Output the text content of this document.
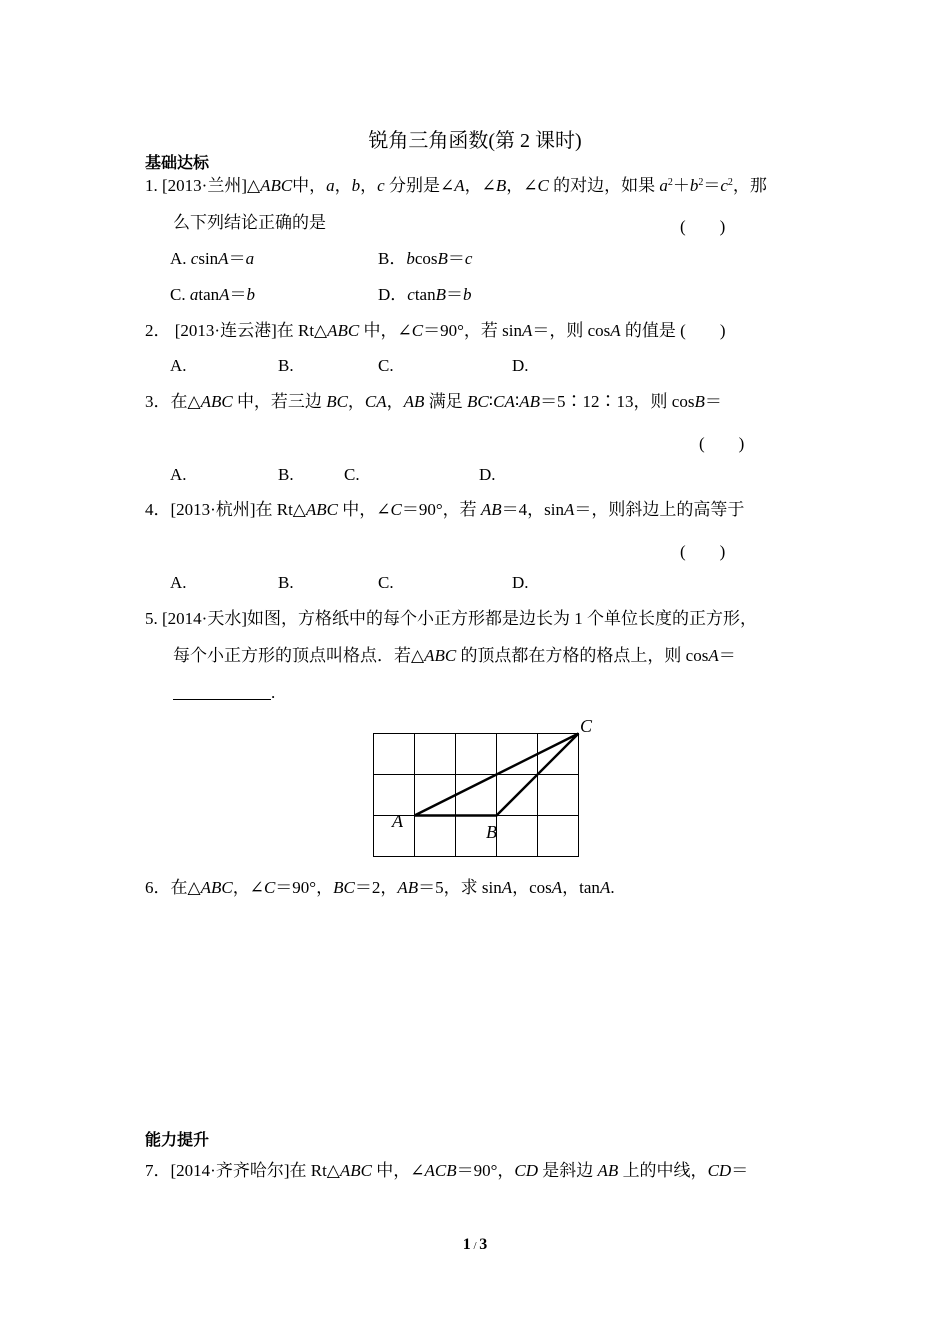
锐角三角函数(第 2 课时)
基础达标
1. [2013·兰州]△ABC中，a，b，c 分别是∠A，∠B，∠C 的对边，如果 $a^2+b^2=c^2$，那
么下列结论正确的是	(　　)
A. csinA＝a	B．bcosB＝c
C. atanA＝b	D．ctanB＝b
2． [2013·连云港]在 Rt△ABC 中，∠C＝90°，若 sinA＝，则 cosA 的值是 (　　)
A.	B.	C.	D.
3．在△ABC 中，若三边 BC，CA，AB 满足 BC∶CA∶AB＝5∶12∶13，则 cosB＝
(　　)
A.	B.	C.	D.
4．[2013·杭州]在 Rt△ABC 中，∠C＝90°，若 AB＝4，sinA＝，则斜边上的高等于
(　　)
A.	B.	C.	D.
5. [2014·天水]如图，方格纸中的每个小正方形都是边长为 1 个单位长度的正方形，
每个小正方形的顶点叫格点．若△ABC 的顶点都在方格的格点上，则 cosA＝
.
A
B
C
6．在△ABC，∠C＝90°，BC＝2，AB＝5，求 sinA，cosA，tanA.
能力提升
7．[2014·齐齐哈尔]在 Rt△ABC 中，∠ACB＝90°，CD 是斜边 AB 上的中线，CD＝
1 / 3
